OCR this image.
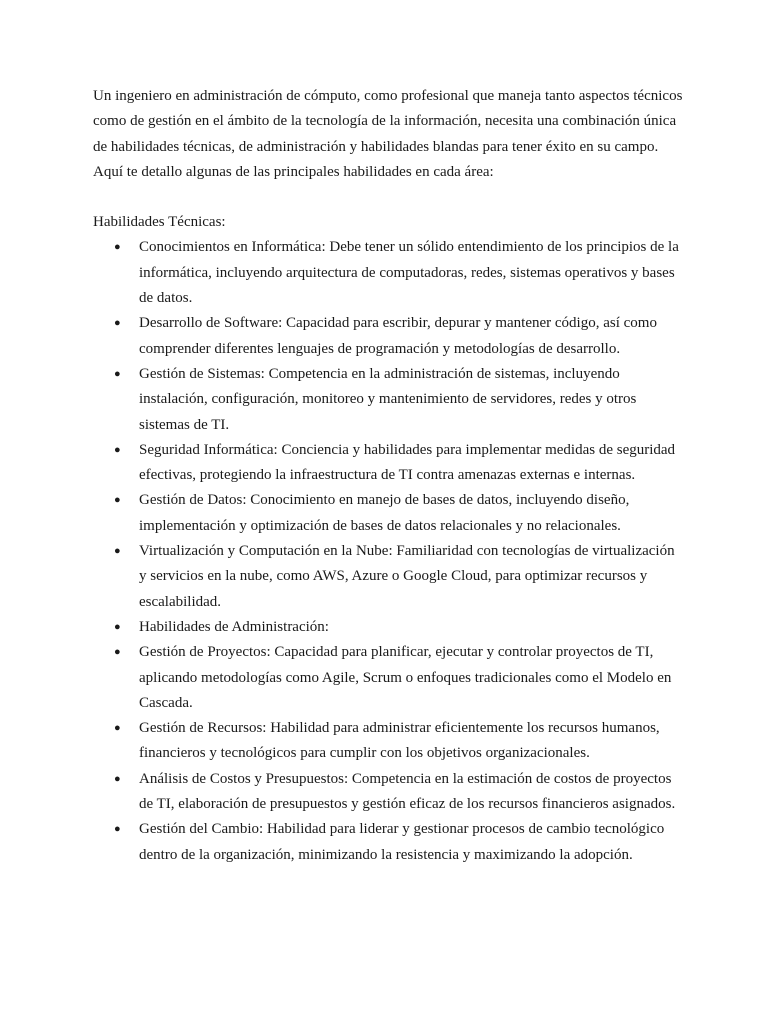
Un ingeniero en administración de cómputo, como profesional que maneja tanto aspectos técnicos como de gestión en el ámbito de la tecnología de la información, necesita una combinación única de habilidades técnicas, de administración y habilidades blandas para tener éxito en su campo. Aquí te detallo algunas de las principales habilidades en cada área:

Habilidades Técnicas:

● Conocimientos en Informática: Debe tener un sólido entendimiento de los principios de la informática, incluyendo arquitectura de computadoras, redes, sistemas operativos y bases de datos.
● Desarrollo de Software: Capacidad para escribir, depurar y mantener código, así como comprender diferentes lenguajes de programación y metodologías de desarrollo.
● Gestión de Sistemas: Competencia en la administración de sistemas, incluyendo instalación, configuración, monitoreo y mantenimiento de servidores, redes y otros sistemas de TI.
● Seguridad Informática: Conciencia y habilidades para implementar medidas de seguridad efectivas, protegiendo la infraestructura de TI contra amenazas externas e internas.
● Gestión de Datos: Conocimiento en manejo de bases de datos, incluyendo diseño, implementación y optimización de bases de datos relacionales y no relacionales.
● Virtualización y Computación en la Nube: Familiaridad con tecnologías de virtualización y servicios en la nube, como AWS, Azure o Google Cloud, para optimizar recursos y escalabilidad.
● Habilidades de Administración:
● Gestión de Proyectos: Capacidad para planificar, ejecutar y controlar proyectos de TI, aplicando metodologías como Agile, Scrum o enfoques tradicionales como el Modelo en Cascada.
● Gestión de Recursos: Habilidad para administrar eficientemente los recursos humanos, financieros y tecnológicos para cumplir con los objetivos organizacionales.
● Análisis de Costos y Presupuestos: Competencia en la estimación de costos de proyectos de TI, elaboración de presupuestos y gestión eficaz de los recursos financieros asignados.
● Gestión del Cambio: Habilidad para liderar y gestionar procesos de cambio tecnológico dentro de la organización, minimizando la resistencia y maximizando la adopción.
